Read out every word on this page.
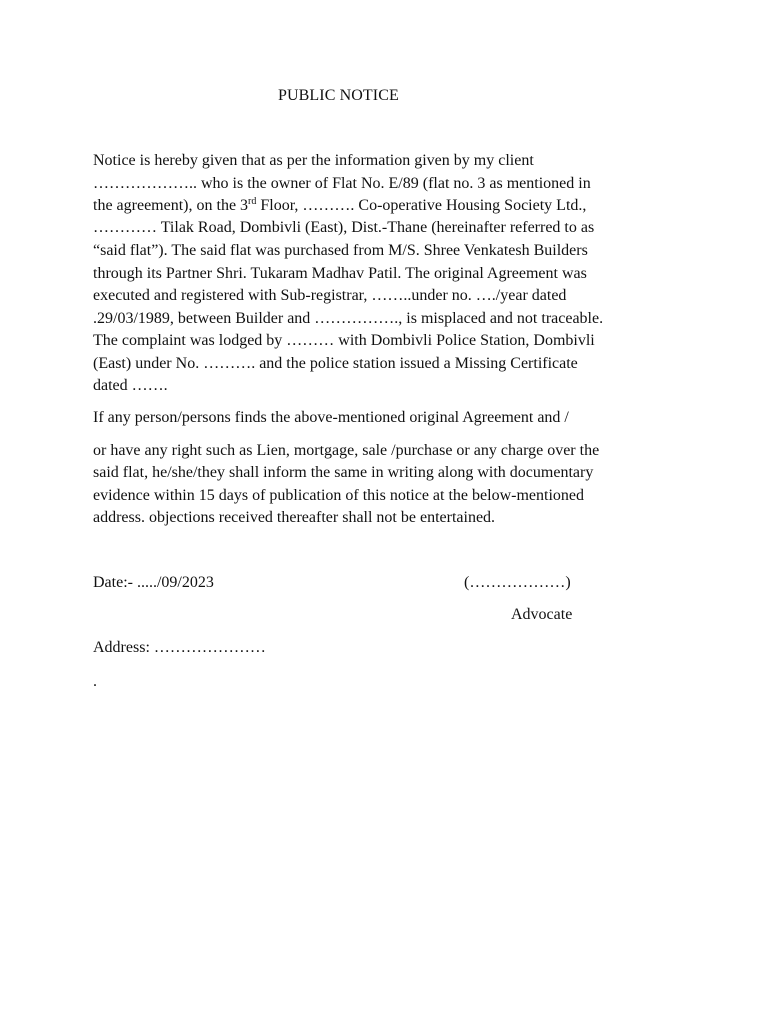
PUBLIC NOTICE
Notice is hereby given that as per the information given by my client
……………….. who is the owner of Flat No. E/89 (flat no. 3 as mentioned in
the agreement), on the 3rd Floor, ………. Co-operative Housing Society Ltd.,
………… Tilak Road, Dombivli (East), Dist.-Thane (hereinafter referred to as
“said flat”). The said flat was purchased from M/S. Shree Venkatesh Builders
through its Partner Shri. Tukaram Madhav Patil. The original Agreement was
executed and registered with Sub-registrar, ……..under no. …./year dated
.29/03/1989, between Builder and ……………., is misplaced and not traceable.
The complaint was lodged by ……… with Dombivli Police Station, Dombivli
(East) under No. ………. and the police station issued a Missing Certificate
dated …….
If any person/persons finds the above-mentioned original Agreement and /
or have any right such as Lien, mortgage, sale /purchase or any charge over the
said flat, he/she/they shall inform the same in writing along with documentary
evidence within 15 days of publication of this notice at the below-mentioned
address. objections received thereafter shall not be entertained.
Date:- ...../09/2023	(………………)
Advocate
Address: …………………
.
